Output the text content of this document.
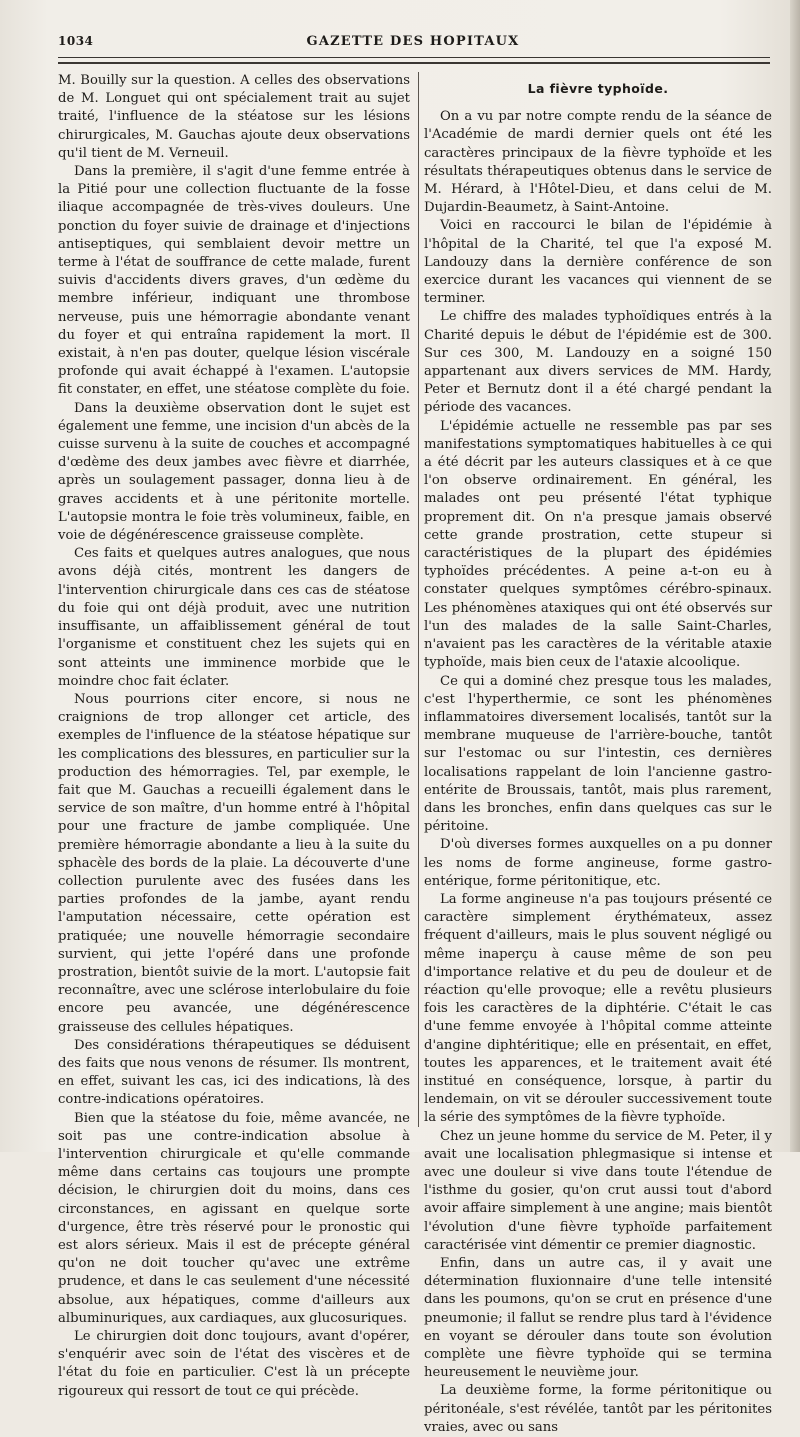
1034	GAZETTE DES HOPITAUX

M. Bouilly sur la question. A celles des observations de M. Longuet qui ont spécialement trait au sujet traité, l'influence de la stéatose sur les lésions chirurgicales, M. Gauchas ajoute deux observations qu'il tient de M. Verneuil.

Dans la première, il s'agit d'une femme entrée à la Pitié pour une collection fluctuante de la fosse iliaque accompagnée de très-vives douleurs. Une ponction du foyer suivie de drainage et d'injections antiseptiques, qui semblaient devoir mettre un terme à l'état de souffrance de cette malade, furent suivis d'accidents divers graves, d'un œdème du membre inférieur, indiquant une thrombose nerveuse, puis une hémorragie abondante venant du foyer et qui entraîna rapidement la mort. Il existait, à n'en pas douter, quelque lésion viscérale profonde qui avait échappé à l'examen. L'autopsie fit constater, en effet, une stéatose complète du foie.

Dans la deuxième observation dont le sujet est également une femme, une incision d'un abcès de la cuisse survenu à la suite de couches et accompagné d'œdème des deux jambes avec fièvre et diarrhée, après un soulagement passager, donna lieu à de graves accidents et à une péritonite mortelle. L'autopsie montra le foie très volumineux, faible, en voie de dégénérescence graisseuse complète.

Ces faits et quelques autres analogues, que nous avons déjà cités, montrent les dangers de l'intervention chirurgicale dans ces cas de stéatose du foie qui ont déjà produit, avec une nutrition insuffisante, un affaiblissement général de tout l'organisme et constituent chez les sujets qui en sont atteints une imminence morbide que le moindre choc fait éclater.

Nous pourrions citer encore, si nous ne craignions de trop allonger cet article, des exemples de l'influence de la stéatose hépatique sur les complications des blessures, en particulier sur la production des hémorragies. Tel, par exemple, le fait que M. Gauchas a recueilli également dans le service de son maître, d'un homme entré à l'hôpital pour une fracture de jambe compliquée. Une première hémorragie abondante a lieu à la suite du sphacèle des bords de la plaie. La découverte d'une collection purulente avec des fusées dans les parties profondes de la jambe, ayant rendu l'amputation nécessaire, cette opération est pratiquée; une nouvelle hémorragie secondaire survient, qui jette l'opéré dans une profonde prostration, bientôt suivie de la mort. L'autopsie fait reconnaître, avec une sclérose interlobulaire du foie encore peu avancée, une dégénérescence graisseuse des cellules hépatiques.

Des considérations thérapeutiques se déduisent des faits que nous venons de résumer. Ils montrent, en effet, suivant les cas, ici des indications, là des contre-indications opératoires.

Bien que la stéatose du foie, même avancée, ne soit pas une contre-indication absolue à l'intervention chirurgicale et qu'elle commande même dans certains cas toujours une prompte décision, le chirurgien doit du moins, dans ces circonstances, en agissant en quelque sorte d'urgence, être très réservé pour le pronostic qui est alors sérieux. Mais il est de précepte général qu'on ne doit toucher qu'avec une extrême prudence, et dans le cas seulement d'une nécessité absolue, aux hépatiques, comme d'ailleurs aux albuminuriques, aux cardiaques, aux glucosuriques.

Le chirurgien doit donc toujours, avant d'opérer, s'enquérir avec soin de l'état des viscères et de l'état du foie en particulier. C'est là un précepte rigoureux qui ressort de tout ce qui précède.

La fièvre typhoïde.

On a vu par notre compte rendu de la séance de l'Académie de mardi dernier quels ont été les caractères principaux de la fièvre typhoïde et les résultats thérapeutiques obtenus dans le service de M. Hérard, à l'Hôtel-Dieu, et dans celui de M. Dujardin-Beaumetz, à Saint-Antoine.

Voici en raccourci le bilan de l'épidémie à l'hôpital de la Charité, tel que l'a exposé M. Landouzy dans la dernière conférence de son exercice durant les vacances qui viennent de se terminer.

Le chiffre des malades typhoïdiques entrés à la Charité depuis le début de l'épidémie est de 300. Sur ces 300, M. Landouzy en a soigné 150 appartenant aux divers services de MM. Hardy, Peter et Bernutz dont il a été chargé pendant la période des vacances.

L'épidémie actuelle ne ressemble pas par ses manifestations symptomatiques habituelles à ce qui a été décrit par les auteurs classiques et à ce que l'on observe ordinairement. En général, les malades ont peu présenté l'état typhique proprement dit. On n'a presque jamais observé cette grande prostration, cette stupeur si caractéristiques de la plupart des épidémies typhoïdes précédentes. A peine a-t-on eu à constater quelques symptômes cérébro-spinaux. Les phénomènes ataxiques qui ont été observés sur l'un des malades de la salle Saint-Charles, n'avaient pas les caractères de la véritable ataxie typhoïde, mais bien ceux de l'ataxie alcoolique.

Ce qui a dominé chez presque tous les malades, c'est l'hyperthermie, ce sont les phénomènes inflammatoires diversement localisés, tantôt sur la membrane muqueuse de l'arrière-bouche, tantôt sur l'estomac ou sur l'intestin, ces dernières localisations rappelant de loin l'ancienne gastro-entérite de Broussais, tantôt, mais plus rarement, dans les bronches, enfin dans quelques cas sur le péritoine.

D'où diverses formes auxquelles on a pu donner les noms de forme angineuse, forme gastro-entérique, forme péritonitique, etc.

La forme angineuse n'a pas toujours présenté ce caractère simplement érythémateux, assez fréquent d'ailleurs, mais le plus souvent négligé ou même inaperçu à cause même de son peu d'importance relative et du peu de douleur et de réaction qu'elle provoque; elle a revêtu plusieurs fois les caractères de la diphtérie. C'était le cas d'une femme envoyée à l'hôpital comme atteinte d'angine diphtéritique; elle en présentait, en effet, toutes les apparences, et le traitement avait été institué en conséquence, lorsque, à partir du lendemain, on vit se dérouler successivement toute la série des symptômes de la fièvre typhoïde.

Chez un jeune homme du service de M. Peter, il y avait une localisation phlegmasique si intense et avec une douleur si vive dans toute l'étendue de l'isthme du gosier, qu'on crut aussi tout d'abord avoir affaire simplement à une angine; mais bientôt l'évolution d'une fièvre typhoïde parfaitement caractérisée vint démentir ce premier diagnostic.

Enfin, dans un autre cas, il y avait une détermination fluxionnaire d'une telle intensité dans les poumons, qu'on se crut en présence d'une pneumonie; il fallut se rendre plus tard à l'évidence en voyant se dérouler dans toute son évolution complète une fièvre typhoïde qui se termina heureusement le neuvième jour.

La deuxième forme, la forme péritonitique ou péritonéale, s'est révélée, tantôt par les péritonites vraies, avec ou sans
